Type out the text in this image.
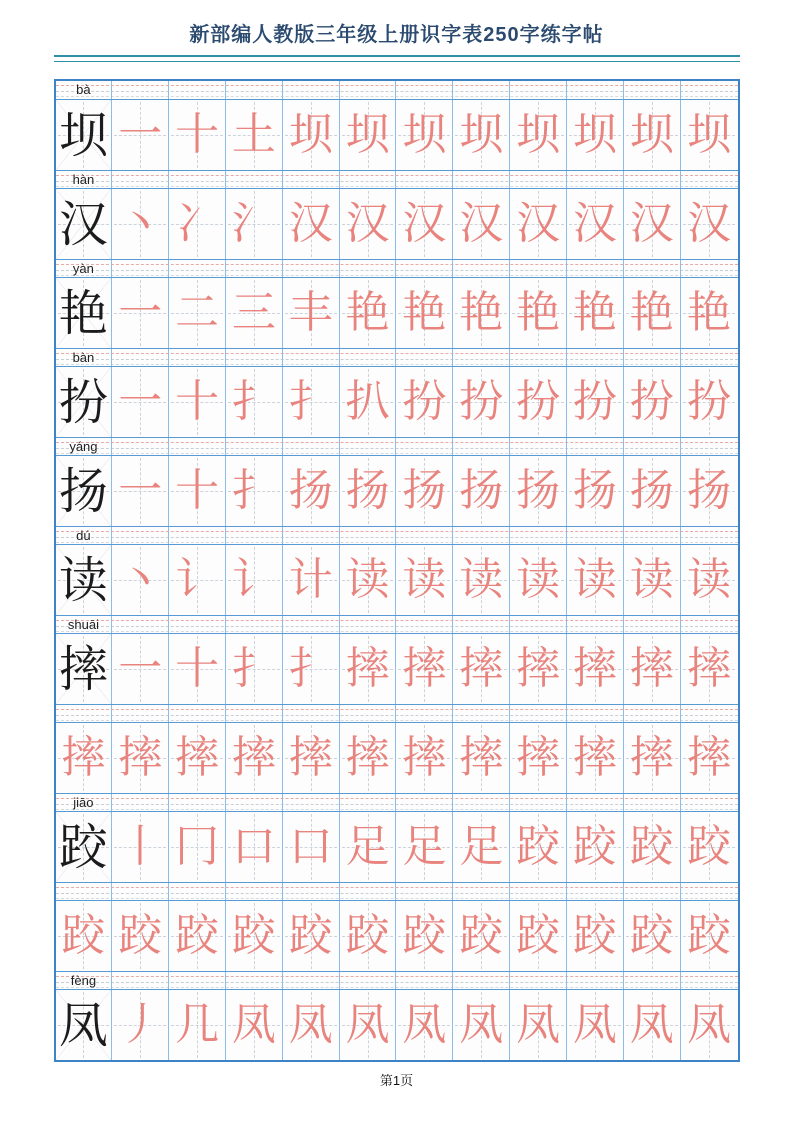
新部编人教版三年级上册识字表250字练字帖
bà
坝 一 十 土 坝 坝 坝 坝 坝 坝 坝 坝
hàn
汉 丶 冫 氵 汉 汉 汉 汉 汉 汉 汉 汉
yàn
艳 一 二 三 丰 艳 艳 艳 艳 艳 艳 艳
bàn
扮 一 十 扌 扌 扒 扮 扮 扮 扮 扮 扮
yáng
扬 一 十 扌 扬 扬 扬 扬 扬 扬 扬 扬
dú
读 丶 讠 讠 计 读 读 读 读 读 读 读
shuāi
摔 一 十 扌 扌 摔 摔 摔 摔 摔 摔 摔
摔 摔 摔 摔 摔 摔 摔 摔 摔 摔 摔 摔
jiāo
跤 丨 冂 口 口 足 足 足 跤 跤 跤 跤
跤 跤 跤 跤 跤 跤 跤 跤 跤 跤 跤 跤
fèng
凤 丿 几 凤 凤 凤 凤 凤 凤 凤 凤 凤
第1页
